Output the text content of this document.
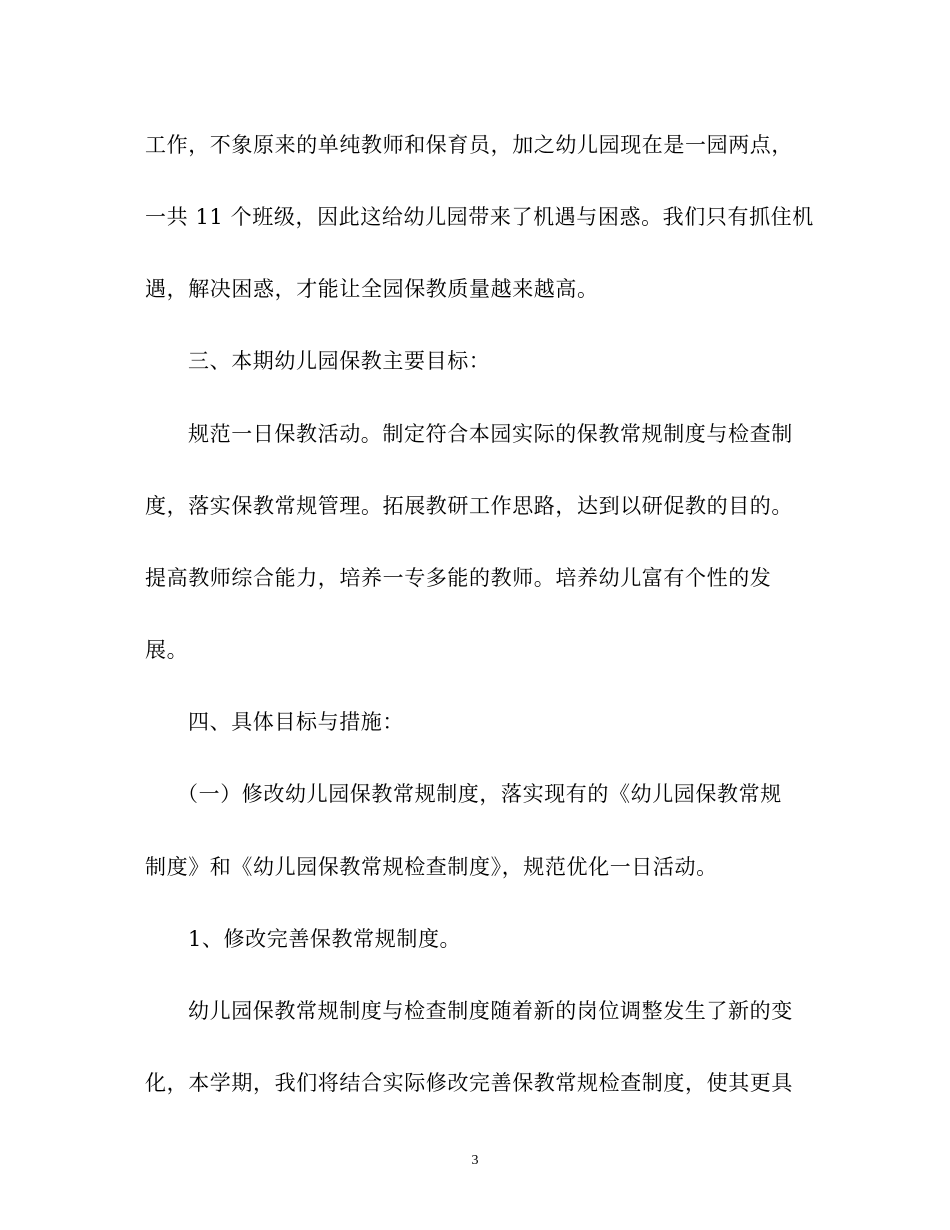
工作，不象原来的单纯教师和保育员，加之幼儿园现在是一园两点，
一共 11 个班级，因此这给幼儿园带来了机遇与困惑。我们只有抓住机
遇，解决困惑，才能让全园保教质量越来越高。
三、本期幼儿园保教主要目标：
规范一日保教活动。制定符合本园实际的保教常规制度与检查制
度，落实保教常规管理。拓展教研工作思路，达到以研促教的目的。
提高教师综合能力，培养一专多能的教师。培养幼儿富有个性的发
展。
四、具体目标与措施：
（一）修改幼儿园保教常规制度，落实现有的《幼儿园保教常规
制度》和《幼儿园保教常规检查制度》，规范优化一日活动。
1、修改完善保教常规制度。
幼儿园保教常规制度与检查制度随着新的岗位调整发生了新的变
化，本学期，我们将结合实际修改完善保教常规检查制度，使其更具
3
